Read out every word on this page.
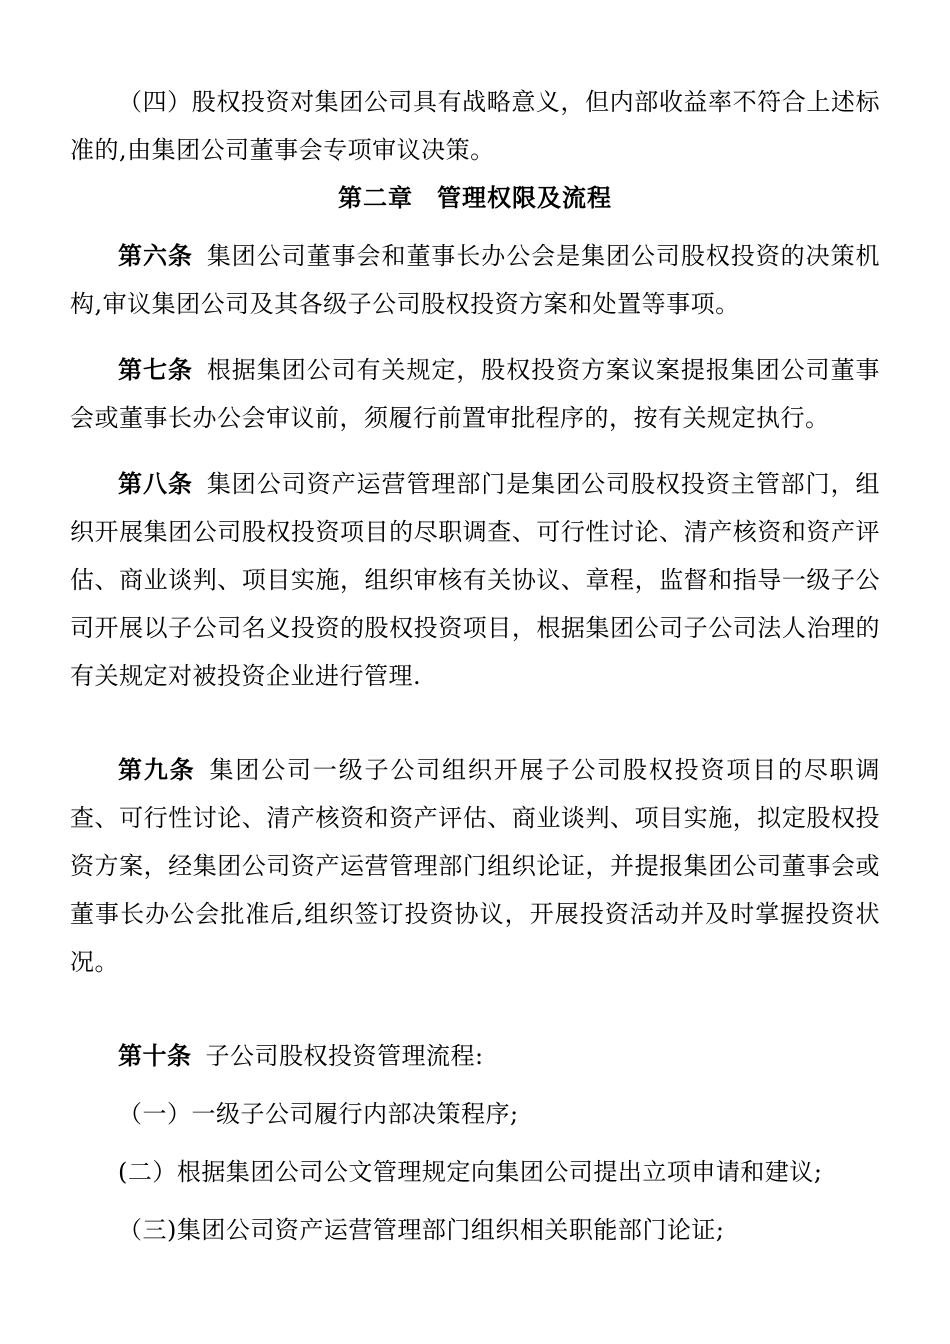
（四）股权投资对集团公司具有战略意义，但内部收益率不符合上述标准的,由集团公司董事会专项审议决策。

第二章 管理权限及流程

第六条 集团公司董事会和董事长办公会是集团公司股权投资的决策机构,审议集团公司及其各级子公司股权投资方案和处置等事项。

第七条 根据集团公司有关规定，股权投资方案议案提报集团公司董事会或董事长办公会审议前，须履行前置审批程序的，按有关规定执行。

第八条 集团公司资产运营管理部门是集团公司股权投资主管部门，组织开展集团公司股权投资项目的尽职调查、可行性讨论、清产核资和资产评估、商业谈判、项目实施，组织审核有关协议、章程，监督和指导一级子公司开展以子公司名义投资的股权投资项目，根据集团公司子公司法人治理的有关规定对被投资企业进行管理.

第九条 集团公司一级子公司组织开展子公司股权投资项目的尽职调查、可行性讨论、清产核资和资产评估、商业谈判、项目实施，拟定股权投资方案，经集团公司资产运营管理部门组织论证，并提报集团公司董事会或董事长办公会批准后,组织签订投资协议，开展投资活动并及时掌握投资状况。

第十条 子公司股权投资管理流程:

（一）一级子公司履行内部决策程序;

(二）根据集团公司公文管理规定向集团公司提出立项申请和建议;

（三)集团公司资产运营管理部门组织相关职能部门论证;
